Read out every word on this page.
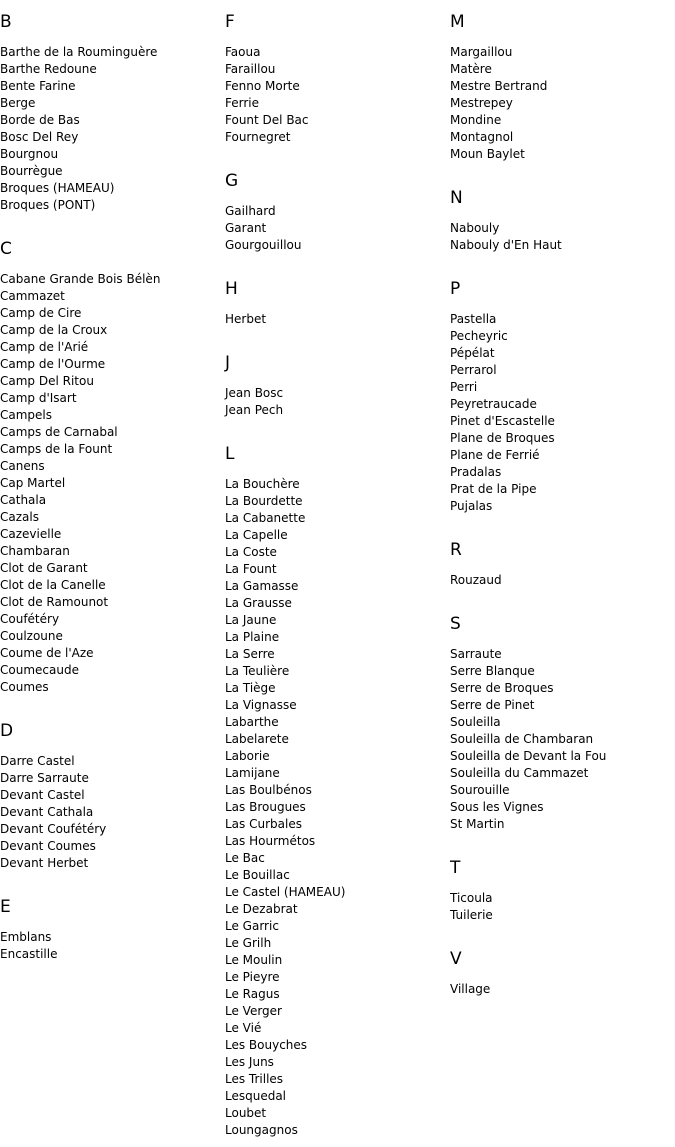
B
Barthe de la Rouminguère
Barthe Redoune
Bente Farine
Berge
Borde de Bas
Bosc Del Rey
Bourgnou
Bourrègue
Broques (HAMEAU)
Broques (PONT)
C
Cabane Grande Bois Bélèn
Cammazet
Camp de Cire
Camp de la Croux
Camp de l'Arié
Camp de l'Ourme
Camp Del Ritou
Camp d'Isart
Campels
Camps de Carnabal
Camps de la Fount
Canens
Cap Martel
Cathala
Cazals
Cazevielle
Chambaran
Clot de Garant
Clot de la Canelle
Clot de Ramounot
Coufétéry
Coulzoune
Coume de l'Aze
Coumecaude
Coumes
D
Darre Castel
Darre Sarraute
Devant Castel
Devant Cathala
Devant Coufétéry
Devant Coumes
Devant Herbet
E
Emblans
Encastille
F
Faoua
Faraillou
Fenno Morte
Ferrie
Fount Del Bac
Fournegret
G
Gailhard
Garant
Gourgouillou
H
Herbet
J
Jean Bosc
Jean Pech
L
La Bouchère
La Bourdette
La Cabanette
La Capelle
La Coste
La Fount
La Gamasse
La Grausse
La Jaune
La Plaine
La Serre
La Teulière
La Tiège
La Vignasse
Labarthe
Labelarete
Laborie
Lamijane
Las Boulbénos
Las Brougues
Las Curbales
Las Hourmétos
Le Bac
Le Bouillac
Le Castel (HAMEAU)
Le Dezabrat
Le Garric
Le Grilh
Le Moulin
Le Pieyre
Le Ragus
Le Verger
Le Vié
Les Bouyches
Les Juns
Les Trilles
Lesquedal
Loubet
Loungagnos
M
Margaillou
Matère
Mestre Bertrand
Mestrepey
Mondine
Montagnol
Moun Baylet
N
Nabouly
Nabouly d'En Haut
P
Pastella
Pecheyric
Pépélat
Perrarol
Perri
Peyretraucade
Pinet d'Escastelle
Plane de Broques
Plane de Ferrié
Pradalas
Prat de la Pipe
Pujalas
R
Rouzaud
S
Sarraute
Serre Blanque
Serre de Broques
Serre de Pinet
Souleilla
Souleilla de Chambaran
Souleilla de Devant la Fou
Souleilla du Cammazet
Sourouille
Sous les Vignes
St Martin
T
Ticoula
Tuilerie
V
Village
